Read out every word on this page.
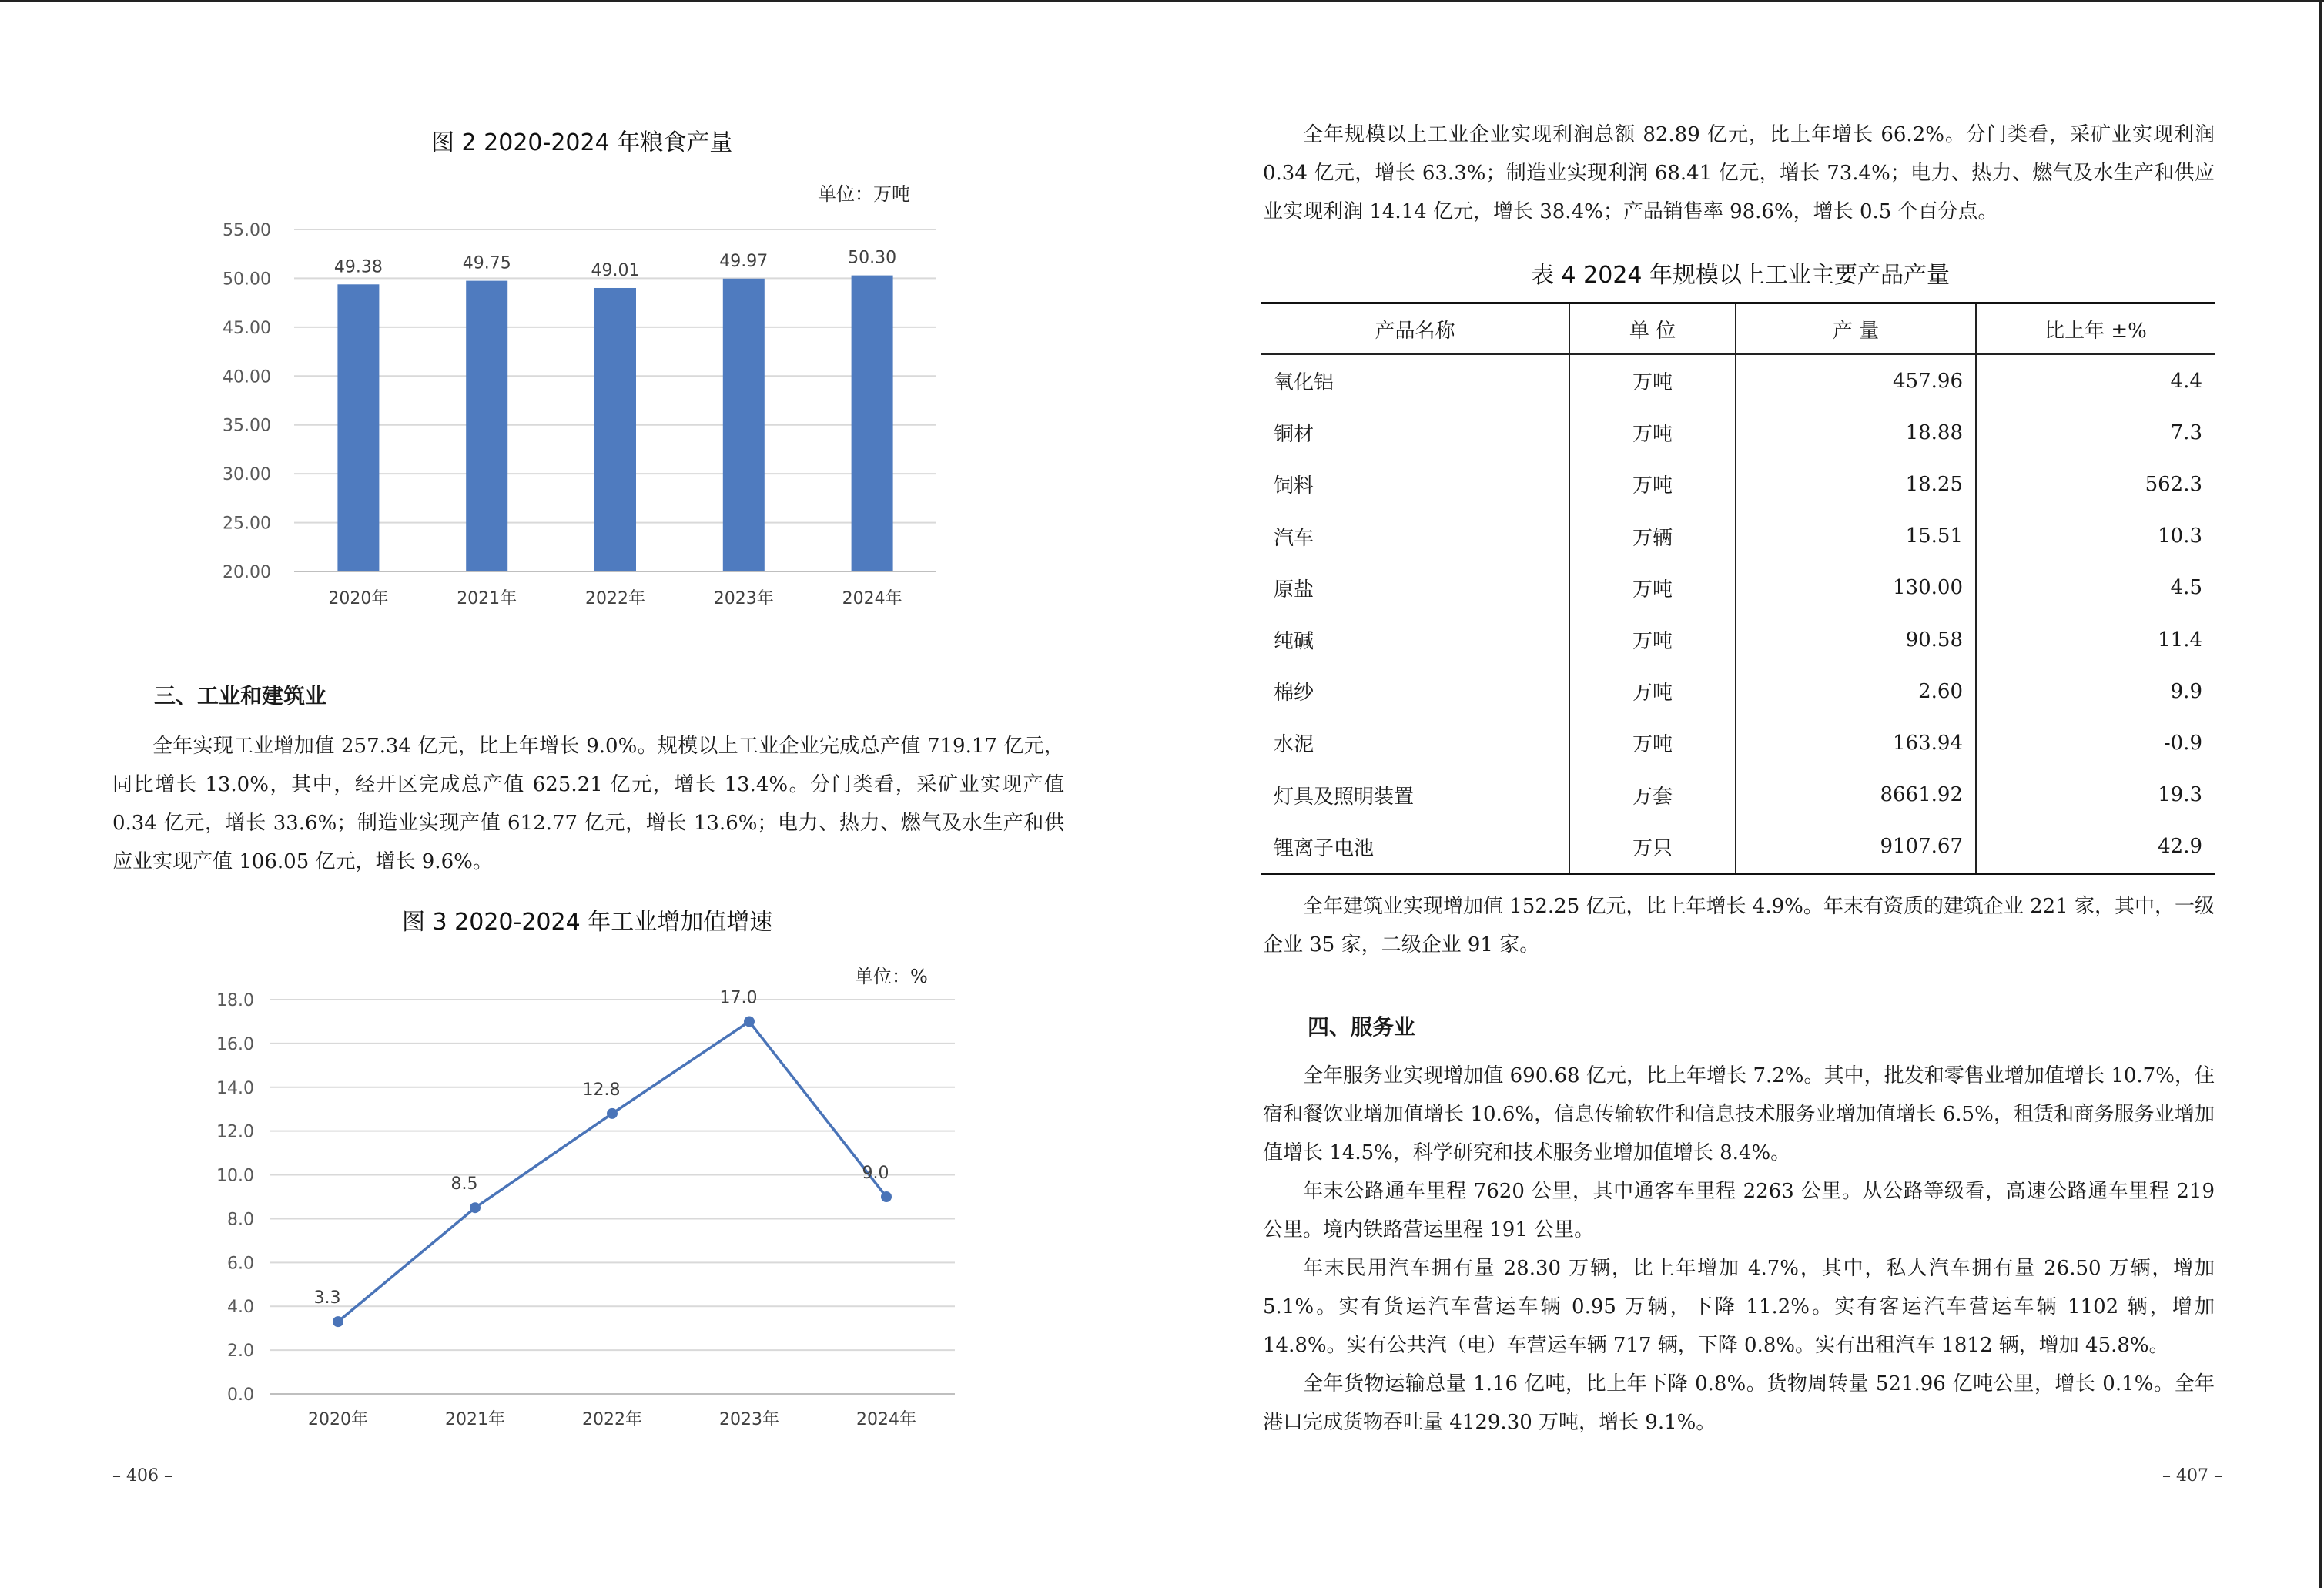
图 2 2020-2024 年粮食产量
单位：万吨
55.00
50.00
45.00
40.00
35.00
30.00
25.00
20.00
49.38
2020年
49.75
2021年
49.01
2022年
49.97
2023年
50.30
2024年
三、工业和建筑业

全年实现工业增加值 257.34 亿元，比上年增长 9.0%。规模以上工业企业完成总产值 719.17 亿元，同比增长 13.0%，其中，经开区完成总产值 625.21 亿元，增长 13.4%。分门类看，采矿业实现产值 0.34 亿元，增长 33.6%；制造业实现产值 612.77 亿元，增长 13.6%；电力、热力、燃气及水生产和供应业实现产值 106.05 亿元，增长 9.6%。

图 3 2020-2024 年工业增加值增速
单位：%
18.0
16.0
14.0
12.0
10.0
8.0
6.0
4.0
2.0
0.0
3.3
2020年
8.5
2021年
12.8
2022年
17.0
2023年
9.0
2024年
– 406 –

全年规模以上工业企业实现利润总额 82.89 亿元，比上年增长 66.2%。分门类看，采矿业实现利润 0.34 亿元，增长 63.3%；制造业实现利润 68.41 亿元，增长 73.4%；电力、热力、燃气及水生产和供应业实现利润 14.14 亿元，增长 38.4%；产品销售率 98.6%，增长 0.5 个百分点。

表 4 2024 年规模以上工业主要产品产量
产品名称	单 位	产 量	比上年 ±%
氧化铝	万吨	457.96	4.4
铜材	万吨	18.88	7.3
饲料	万吨	18.25	562.3
汽车	万辆	15.51	10.3
原盐	万吨	130.00	4.5
纯碱	万吨	90.58	11.4
棉纱	万吨	2.60	9.9
水泥	万吨	163.94	-0.9
灯具及照明装置	万套	8661.92	19.3
锂离子电池	万只	9107.67	42.9

全年建筑业实现增加值 152.25 亿元，比上年增长 4.9%。年末有资质的建筑企业 221 家，其中，一级企业 35 家，二级企业 91 家。

四、服务业

全年服务业实现增加值 690.68 亿元，比上年增长 7.2%。其中，批发和零售业增加值增长 10.7%，住宿和餐饮业增加值增长 10.6%，信息传输软件和信息技术服务业增加值增长 6.5%，租赁和商务服务业增加值增长 14.5%，科学研究和技术服务业增加值增长 8.4%。

年末公路通车里程 7620 公里，其中通客车里程 2263 公里。从公路等级看，高速公路通车里程 219 公里。境内铁路营运里程 191 公里。

年末民用汽车拥有量 28.30 万辆，比上年增加 4.7%，其中，私人汽车拥有量 26.50 万辆，增加 5.1%。实有货运汽车营运车辆 0.95 万辆，下降 11.2%。实有客运汽车营运车辆 1102 辆，增加 14.8%。实有公共汽（电）车营运车辆 717 辆，下降 0.8%。实有出租汽车 1812 辆，增加 45.8%。

全年货物运输总量 1.16 亿吨，比上年下降 0.8%。货物周转量 521.96 亿吨公里，增长 0.1%。全年港口完成货物吞吐量 4129.30 万吨，增长 9.1%。

– 407 –
